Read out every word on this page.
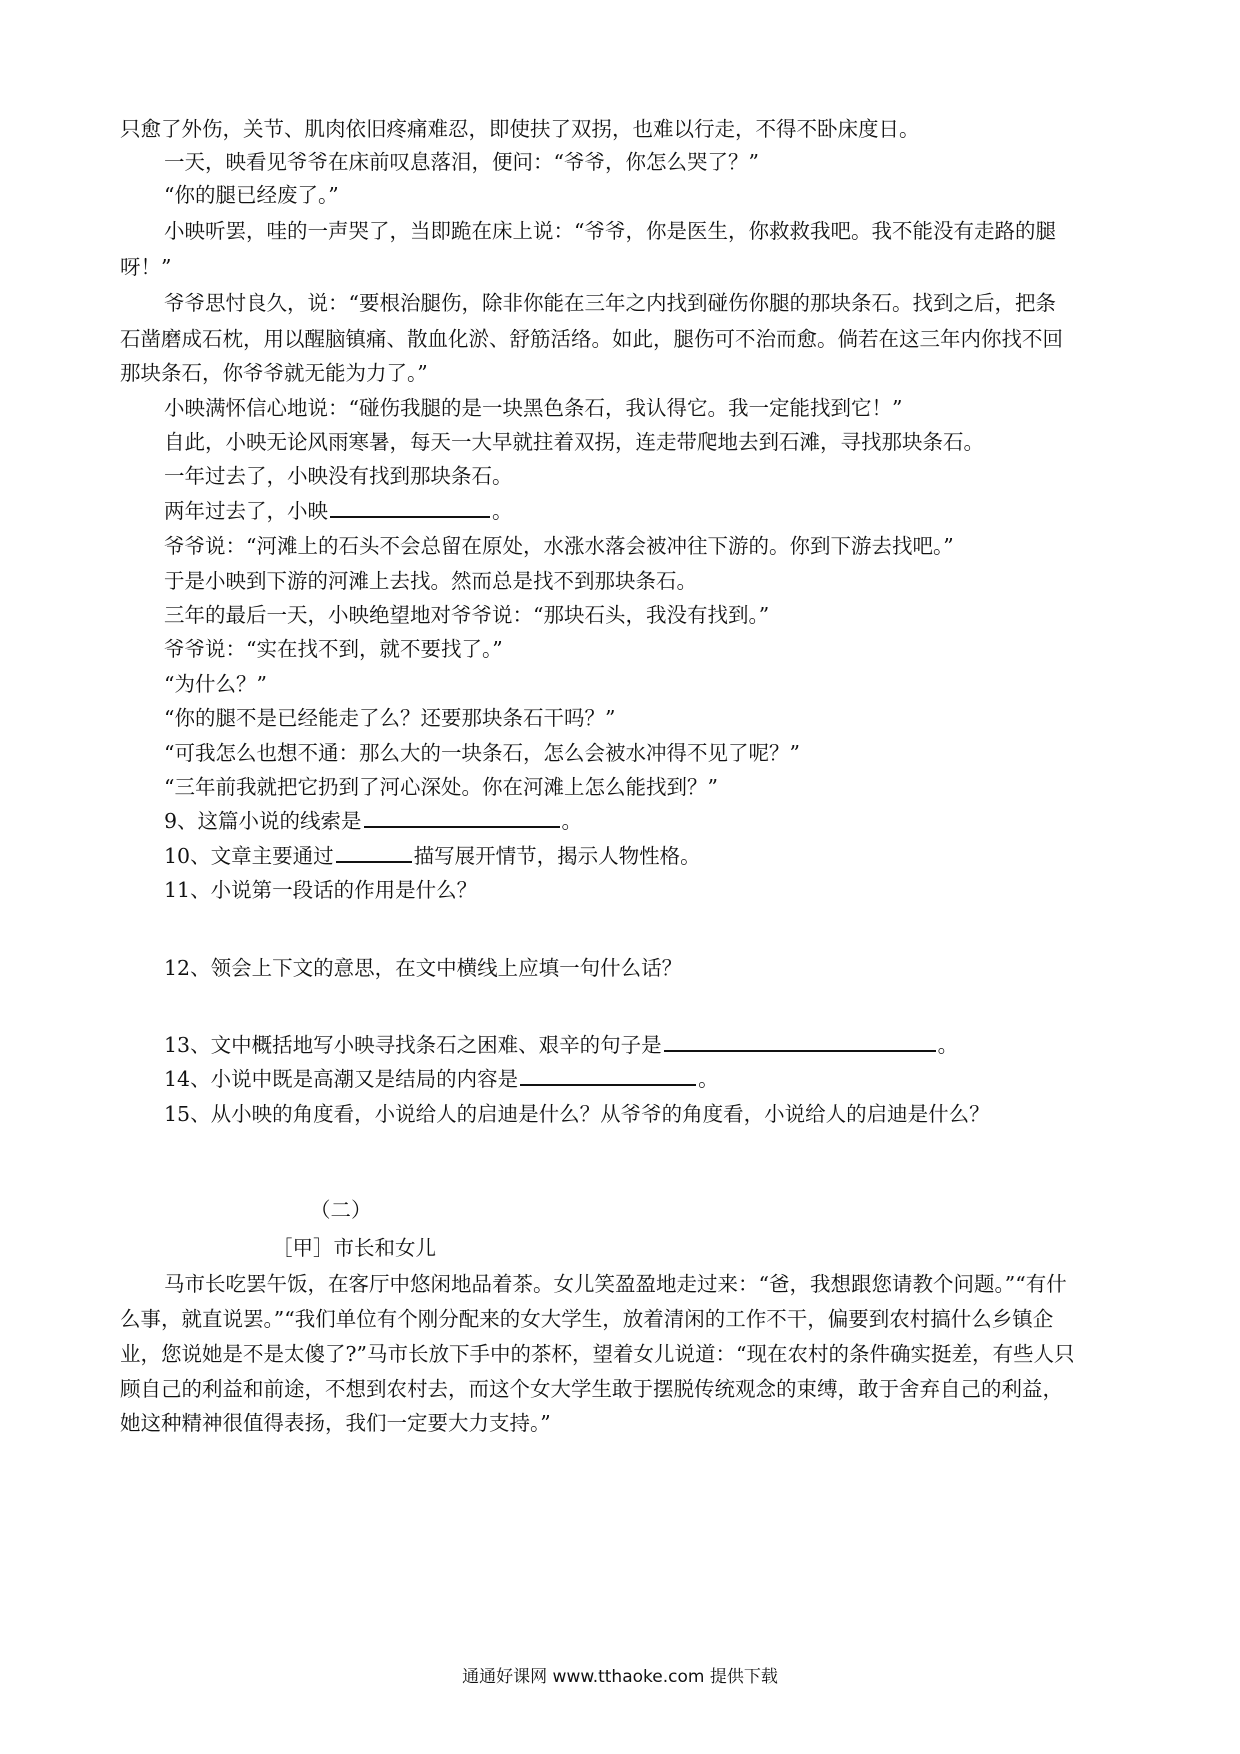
只愈了外伤，关节、肌肉依旧疼痛难忍，即使扶了双拐，也难以行走，不得不卧床度日。
一天，映看见爷爷在床前叹息落泪，便问：“爷爷，你怎么哭了？”
“你的腿已经废了。”
小映听罢，哇的一声哭了，当即跪在床上说：“爷爷，你是医生，你救救我吧。我不能没有走路的腿
呀！”
爷爷思忖良久，说：“要根治腿伤，除非你能在三年之内找到碰伤你腿的那块条石。找到之后，把条
石凿磨成石枕，用以醒脑镇痛、散血化淤、舒筋活络。如此，腿伤可不治而愈。倘若在这三年内你找不回
那块条石，你爷爷就无能为力了。”
小映满怀信心地说：“碰伤我腿的是一块黑色条石，我认得它。我一定能找到它！”
自此，小映无论风雨寒暑，每天一大早就拄着双拐，连走带爬地去到石滩，寻找那块条石。
一年过去了，小映没有找到那块条石。
两年过去了，小映	。
爷爷说：“河滩上的石头不会总留在原处，水涨水落会被冲往下游的。你到下游去找吧。”
于是小映到下游的河滩上去找。然而总是找不到那块条石。
三年的最后一天，小映绝望地对爷爷说：“那块石头，我没有找到。”
爷爷说：“实在找不到，就不要找了。”
“为什么？”
“你的腿不是已经能走了么？还要那块条石干吗？”
“可我怎么也想不通：那么大的一块条石，怎么会被水冲得不见了呢？”
“三年前我就把它扔到了河心深处。你在河滩上怎么能找到？”
9、这篇小说的线索是	。
10、文章主要通过	描写展开情节，揭示人物性格。
11、小说第一段话的作用是什么？
12、领会上下文的意思，在文中横线上应填一句什么话？
13、文中概括地写小映寻找条石之困难、艰辛的句子是	。
14、小说中既是高潮又是结局的内容是	。
15、从小映的角度看，小说给人的启迪是什么？从爷爷的角度看，小说给人的启迪是什么？
（二）
［甲］市长和女儿
马市长吃罢午饭，在客厅中悠闲地品着茶。女儿笑盈盈地走过来：“爸，我想跟您请教个问题。”“有什
么事，就直说罢。”“我们单位有个刚分配来的女大学生，放着清闲的工作不干，偏要到农村搞什么乡镇企
业，您说她是不是太傻了?”马市长放下手中的茶杯，望着女儿说道：“现在农村的条件确实挺差，有些人只
顾自己的利益和前途，不想到农村去，而这个女大学生敢于摆脱传统观念的束缚，敢于舍弃自己的利益，
她这种精神很值得表扬，我们一定要大力支持。”
通通好课网 www.tthaoke.com 提供下载
